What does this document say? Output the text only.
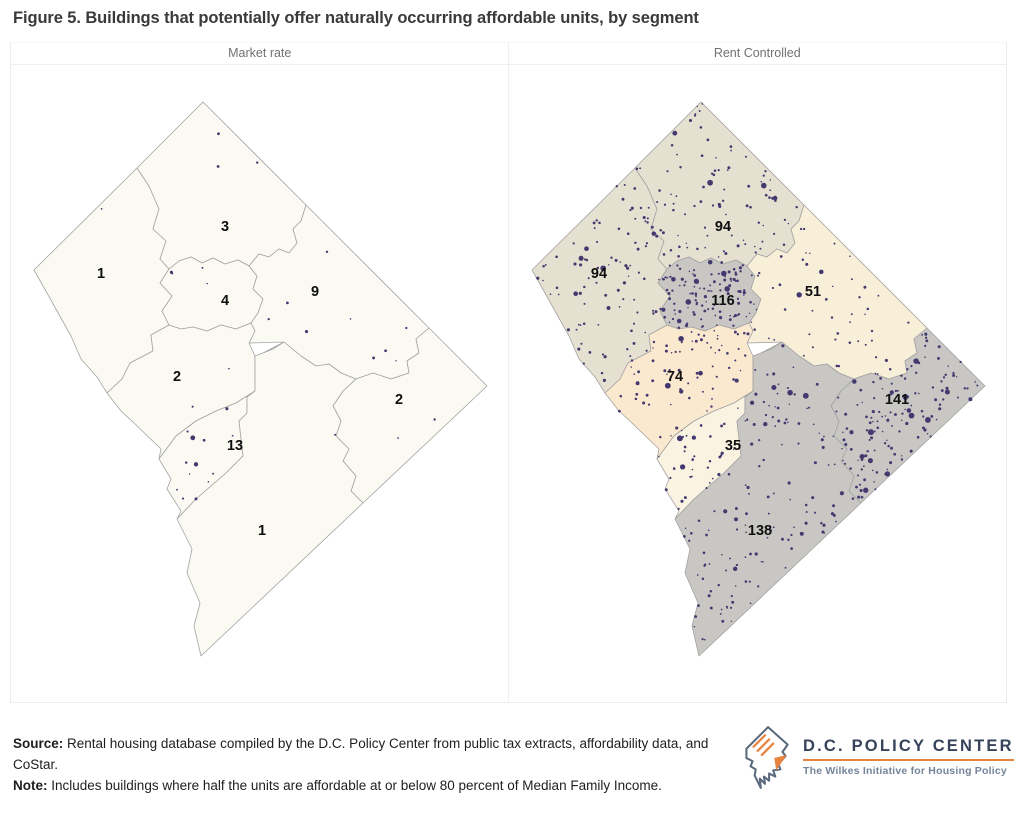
Figure 5. Buildings that potentially offer naturally occurring affordable units, by segment
Market rate	Rent Controlled
1
3
4
9
2
2
13
1
94
94
116
51
74
141
35
138
Source: Rental housing database compiled by the D.C. Policy Center from public tax extracts, affordability data, and CoStar.
Note: Includes buildings where half the units are affordable at or below 80 percent of Median Family Income.
D.C. POLICY CENTER
The Wilkes Initiative for Housing Policy
